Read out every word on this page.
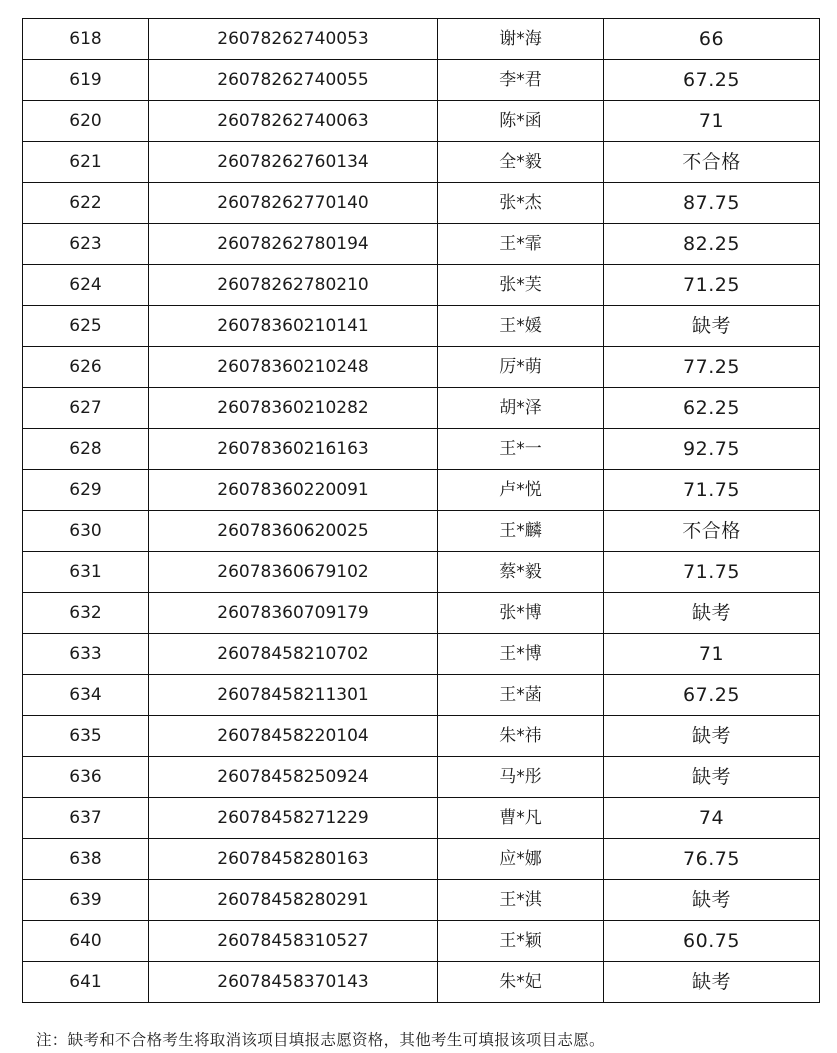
618	26078262740053	谢*海	66
619	26078262740055	李*君	67.25
620	26078262740063	陈*函	71
621	26078262760134	全*毅	不合格
622	26078262770140	张*杰	87.75
623	26078262780194	王*霏	82.25
624	26078262780210	张*芙	71.25
625	26078360210141	王*媛	缺考
626	26078360210248	厉*萌	77.25
627	26078360210282	胡*泽	62.25
628	26078360216163	王*一	92.75
629	26078360220091	卢*悦	71.75
630	26078360620025	王*麟	不合格
631	26078360679102	蔡*毅	71.75
632	26078360709179	张*博	缺考
633	26078458210702	王*博	71
634	26078458211301	王*菡	67.25
635	26078458220104	朱*祎	缺考
636	26078458250924	马*彤	缺考
637	26078458271229	曹*凡	74
638	26078458280163	应*娜	76.75
639	26078458280291	王*淇	缺考
640	26078458310527	王*颖	60.75
641	26078458370143	朱*妃	缺考
注：缺考和不合格考生将取消该项目填报志愿资格，其他考生可填报该项目志愿。
